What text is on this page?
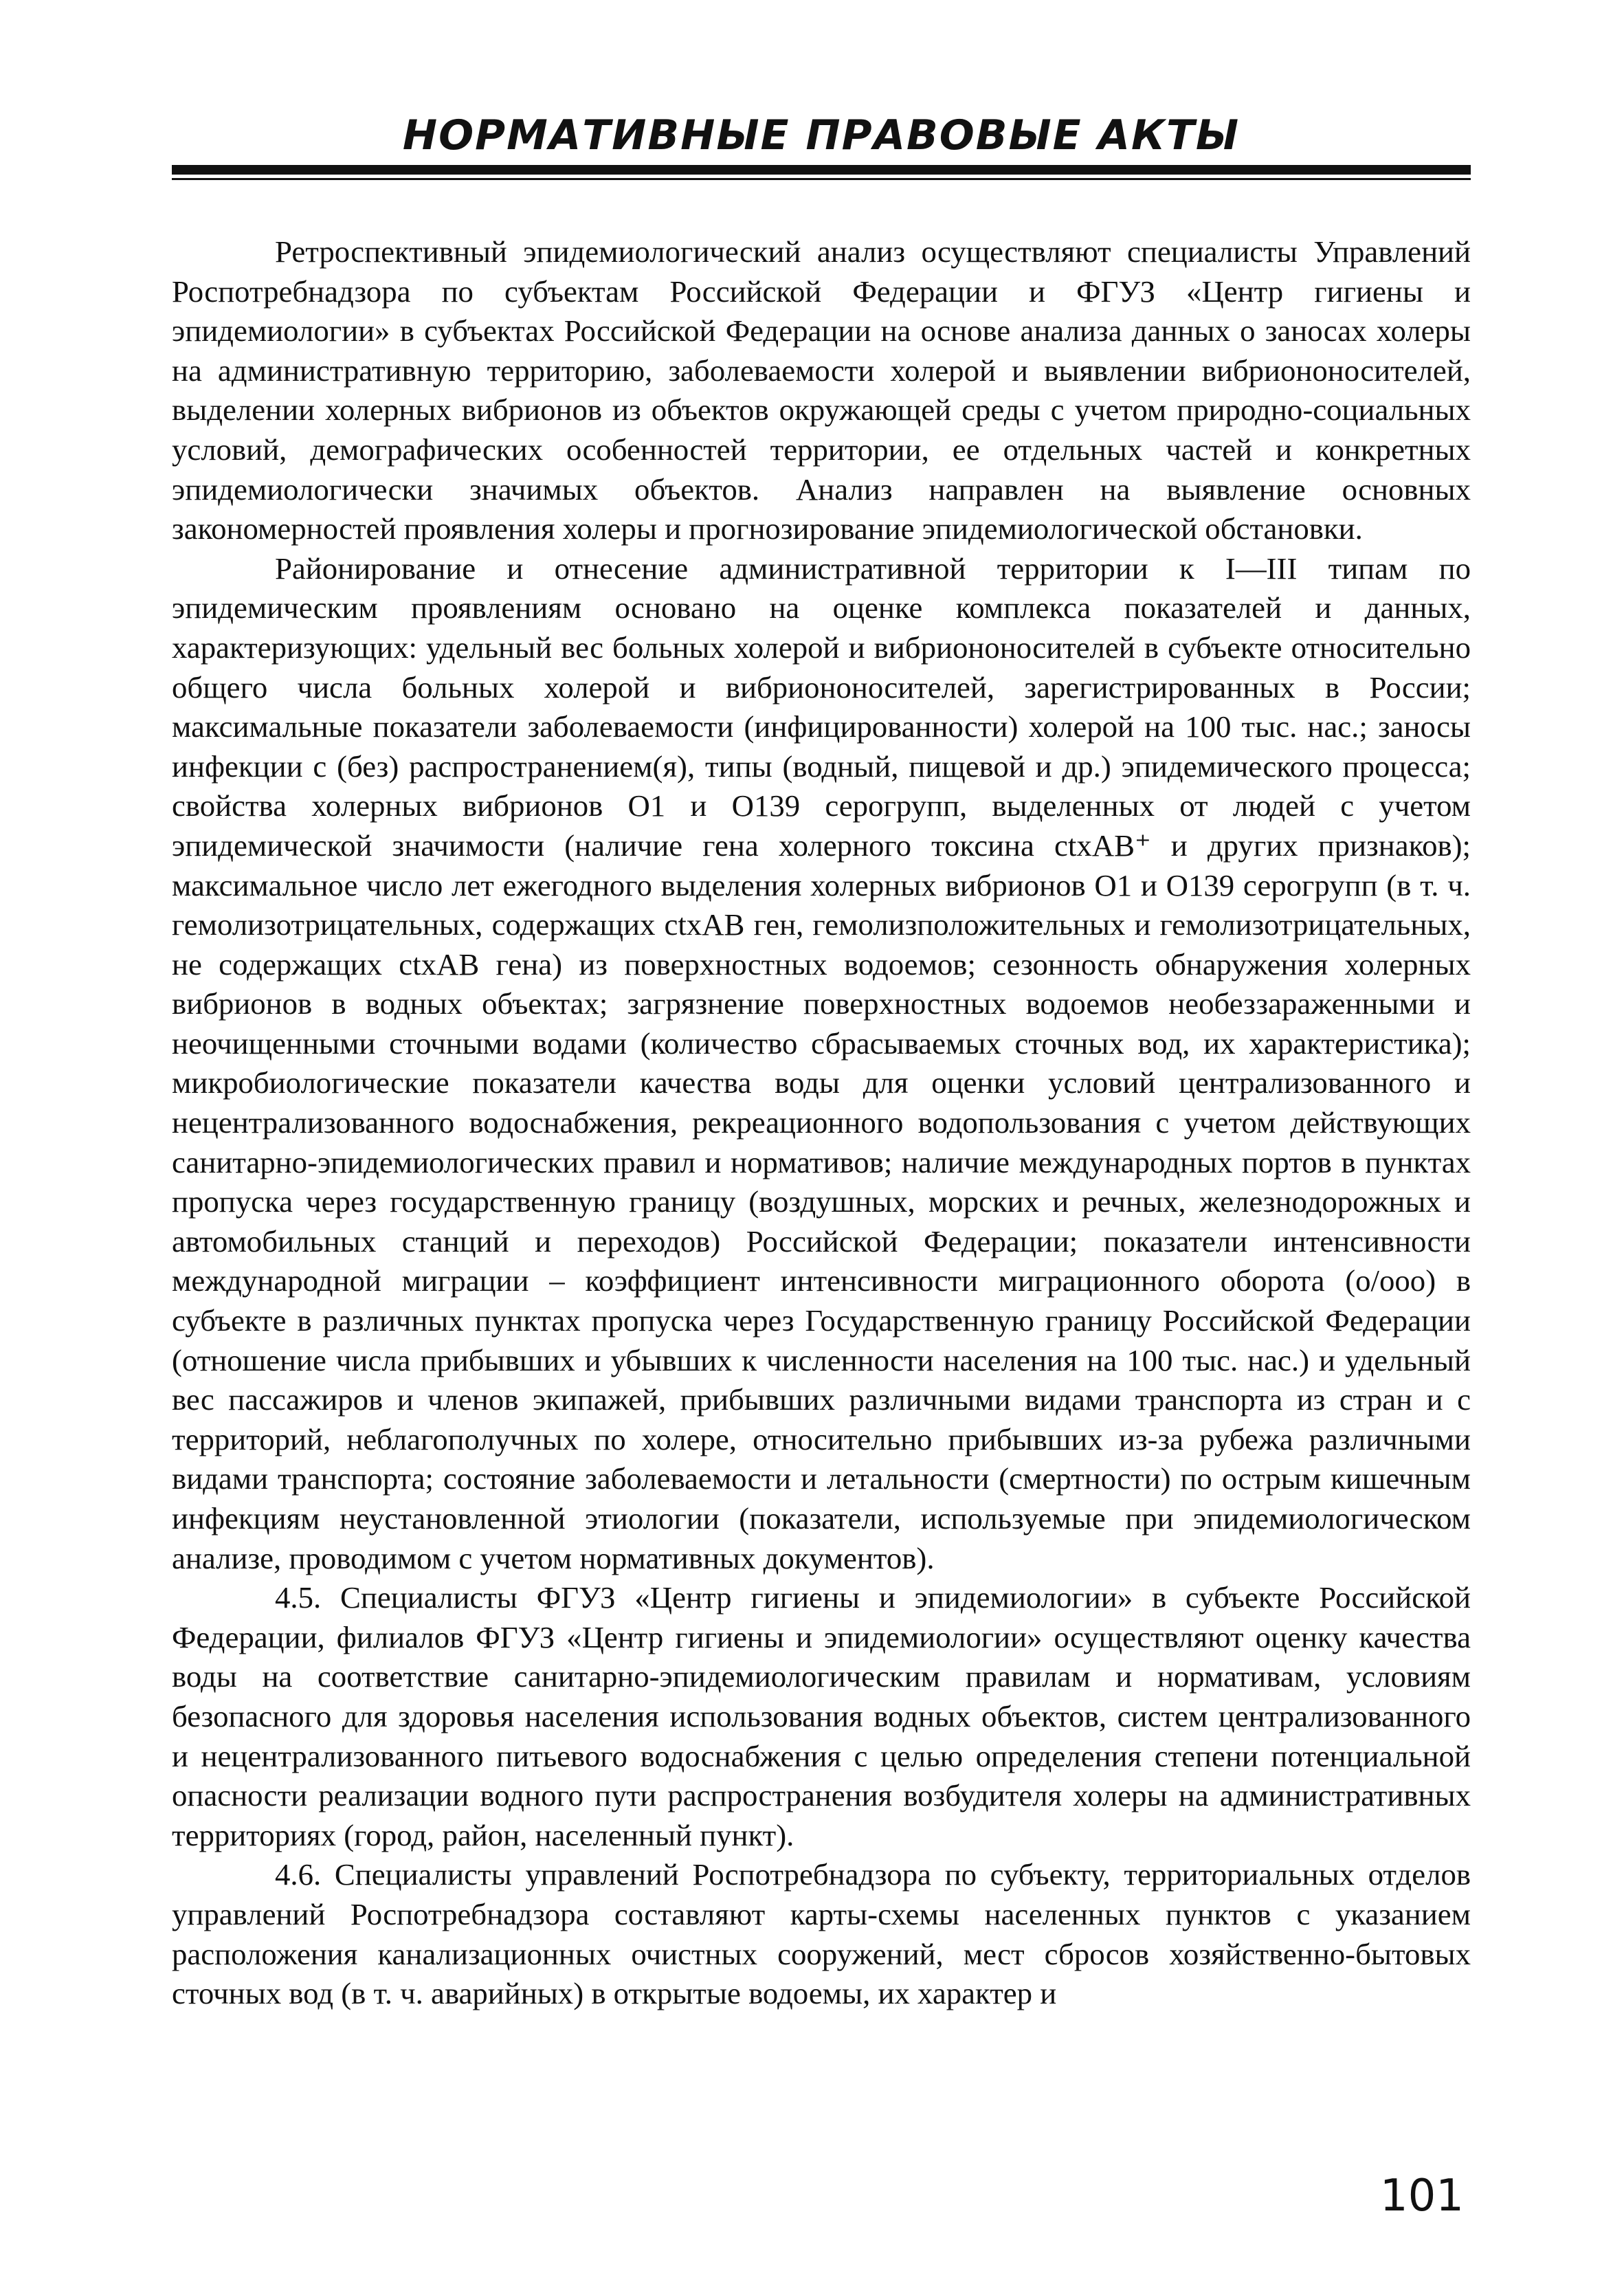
НОРМАТИВНЫЕ ПРАВОВЫЕ АКТЫ

Ретроспективный эпидемиологический анализ осуществляют специалисты Управлений Роспотребнадзора по субъектам Российской Федерации и ФГУЗ «Центр гигиены и эпидемиологии» в субъектах Российской Федерации на основе анализа данных о заносах холеры на административную территорию, заболеваемости холерой и выявлении вибриононосителей, выделении холерных вибрионов из объектов окружающей среды с учетом природно-социальных условий, демографических особенностей территории, ее отдельных частей и конкретных эпидемиологически значимых объектов. Анализ направлен на выявление основных закономерностей проявления холеры и прогнозирование эпидемиологической обстановки.

Районирование и отнесение административной территории к I—III типам по эпидемическим проявлениям основано на оценке комплекса показателей и данных, характеризующих: удельный вес больных холерой и вибриононосителей в субъекте относительно общего числа больных холерой и вибриононосителей, зарегистрированных в России; максимальные показатели заболеваемости (инфицированности) холерой на 100 тыс. нас.; заносы инфекции с (без) распространением(я), типы (водный, пищевой и др.) эпидемического процесса; свойства холерных вибрионов О1 и О139 серогрупп, выделенных от людей с учетом эпидемической значимости (наличие гена холерного токсина ctxAB⁺ и других признаков); максимальное число лет ежегодного выделения холерных вибрионов О1 и О139 серогрупп (в т. ч. гемолизотрицательных, содержащих ctxAB ген, гемолизположительных и гемолизотрицательных, не содержащих ctxAB гена) из поверхностных водоемов; сезонность обнаружения холерных вибрионов в водных объектах; загрязнение поверхностных водоемов необеззараженными и неочищенными сточными водами (количество сбрасываемых сточных вод, их характеристика); микробиологические показатели качества воды для оценки условий централизованного и нецентрализованного водоснабжения, рекреационного водопользования с учетом действующих санитарно-эпидемиологических правил и нормативов; наличие международных портов в пунктах пропуска через государственную границу (воздушных, морских и речных, железнодорожных и автомобильных станций и переходов) Российской Федерации; показатели интенсивности международной миграции – коэффициент интенсивности миграционного оборота (о/ооо) в субъекте в различных пунктах пропуска через Государственную границу Российской Федерации (отношение числа прибывших и убывших к численности населения на 100 тыс. нас.) и удельный вес пассажиров и членов экипажей, прибывших различными видами транспорта из стран и с территорий, неблагополучных по холере, относительно прибывших из-за рубежа различными видами транспорта; состояние заболеваемости и летальности (смертности) по острым кишечным инфекциям неустановленной этиологии (показатели, используемые при эпидемиологическом анализе, проводимом с учетом нормативных документов).

4.5. Специалисты ФГУЗ «Центр гигиены и эпидемиологии» в субъекте Российской Федерации, филиалов ФГУЗ «Центр гигиены и эпидемиологии» осуществляют оценку качества воды на соответствие санитарно-эпидемиологическим правилам и нормативам, условиям безопасного для здоровья населения использования водных объектов, систем централизованного и нецентрализованного питьевого водоснабжения с целью определения степени потенциальной опасности реализации водного пути распространения возбудителя холеры на административных территориях (город, район, населенный пункт).

4.6. Специалисты управлений Роспотребнадзора по субъекту, территориальных отделов управлений Роспотребнадзора составляют карты-схемы населенных пунктов с указанием расположения канализационных очистных сооружений, мест сбросов хозяйственно-бытовых сточных вод (в т. ч. аварийных) в открытые водоемы, их характер и

101
